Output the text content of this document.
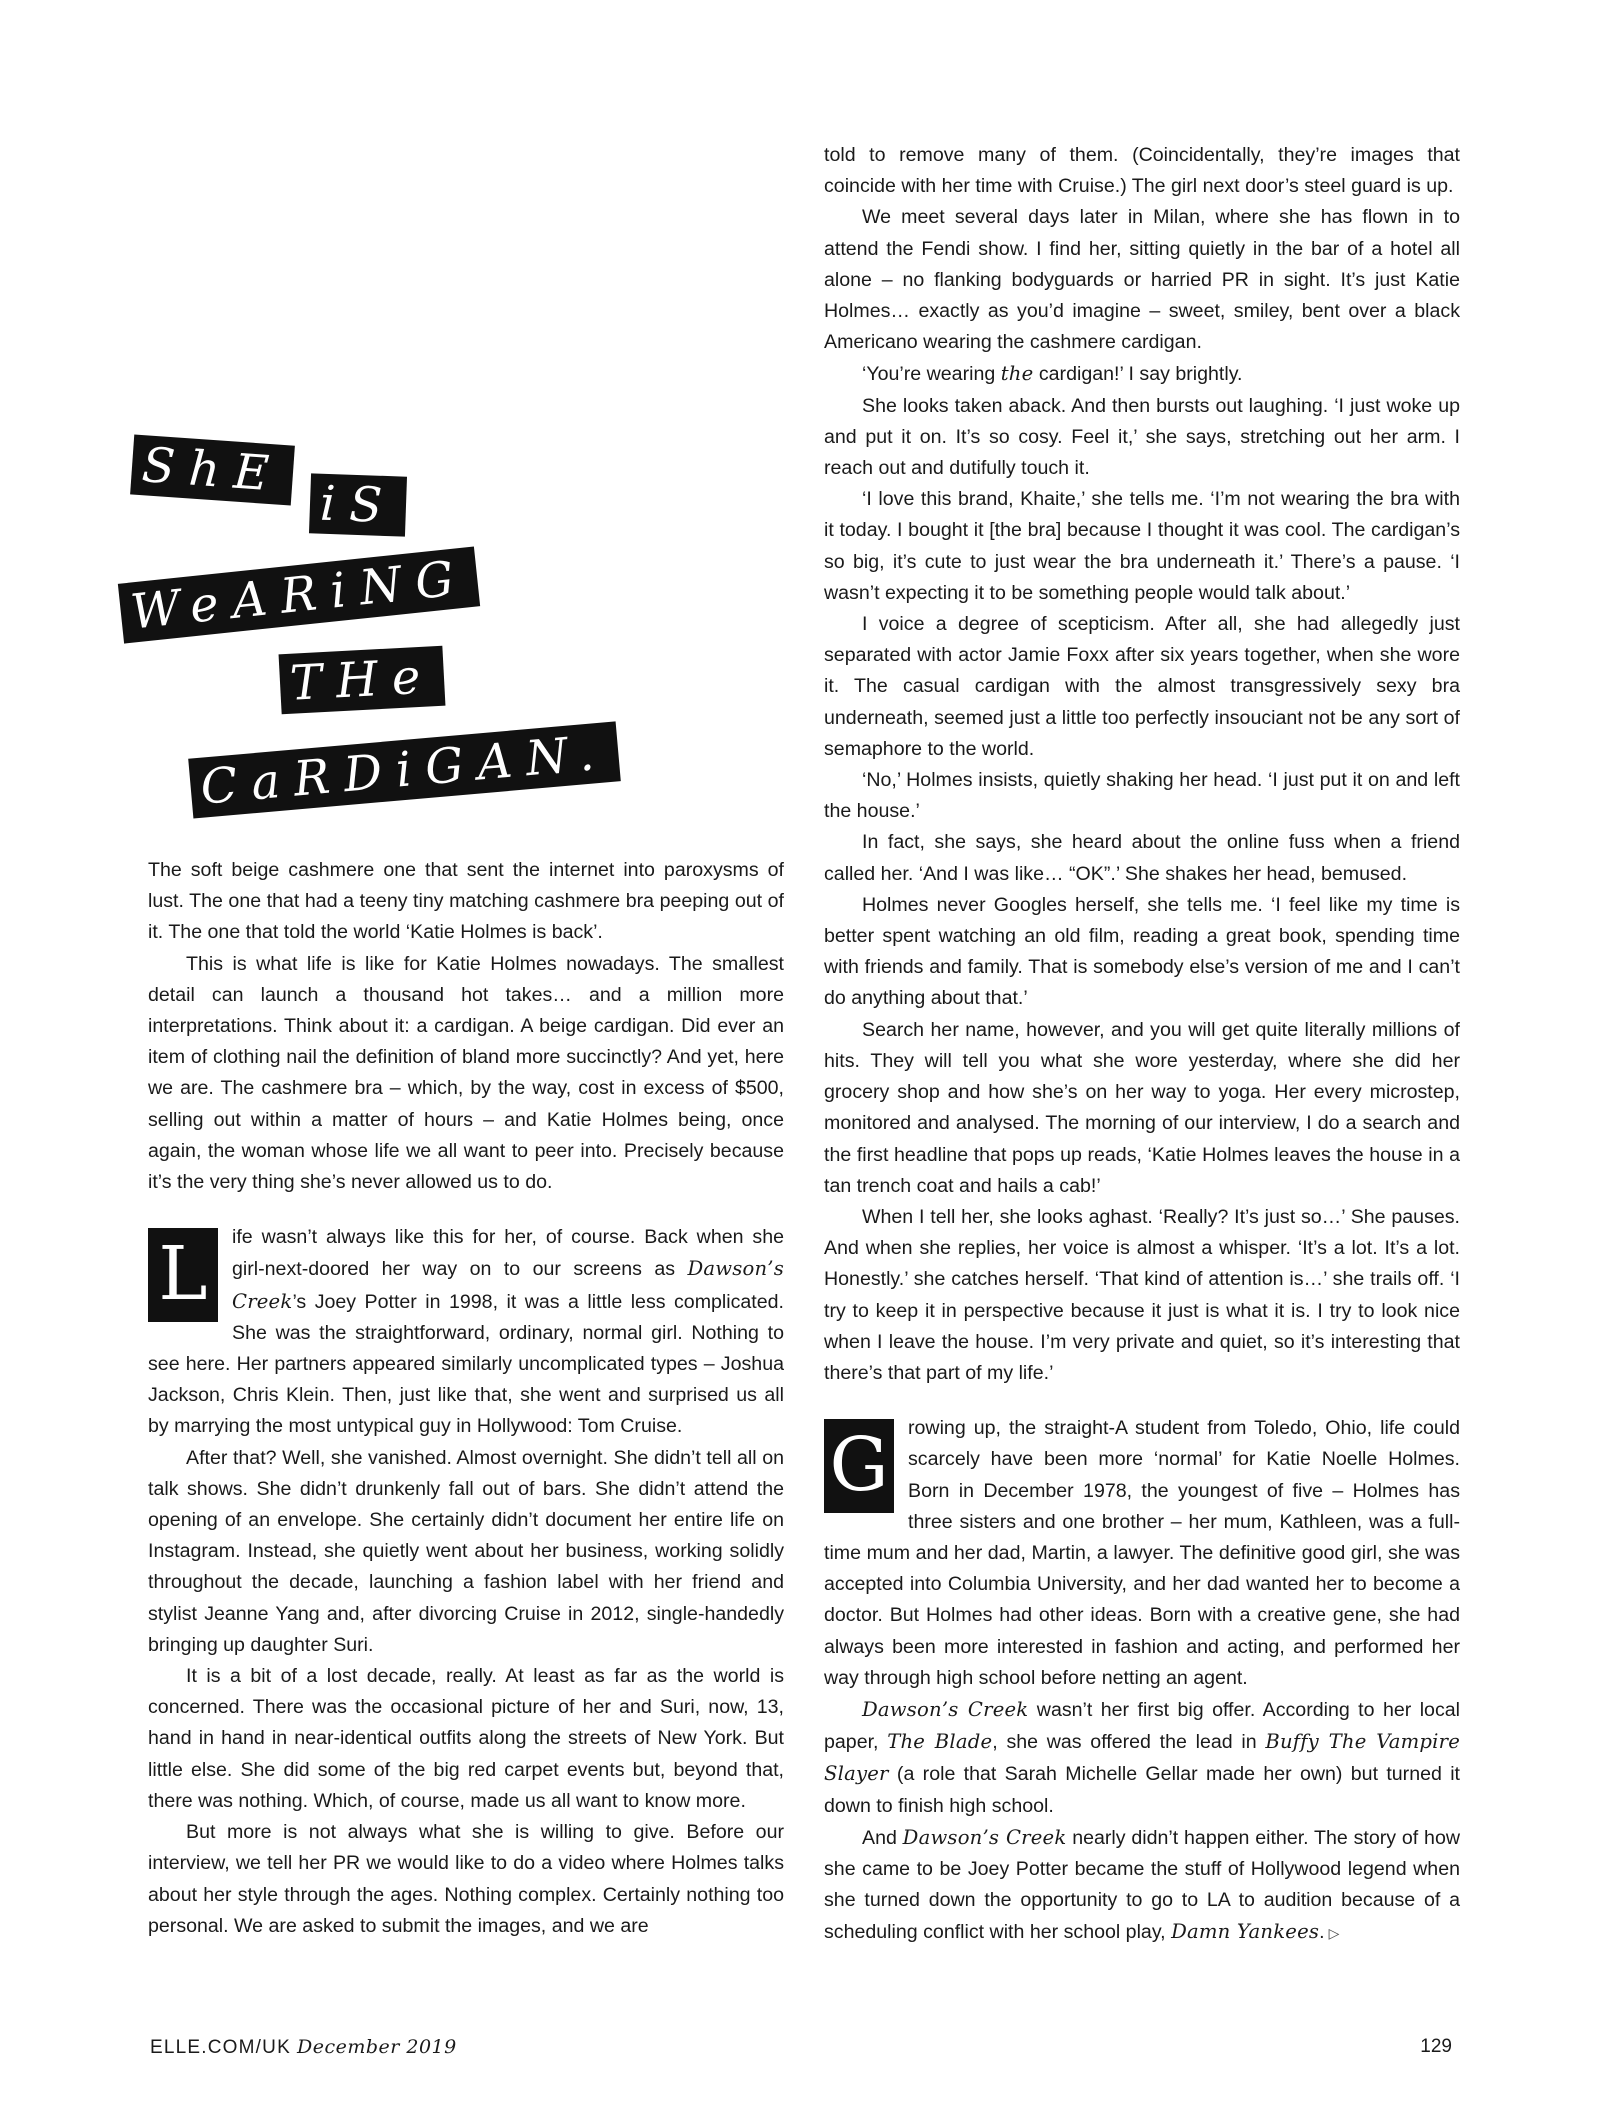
ShE
iS
WeARiNG
THe
CaRDiGAN.

The soft beige cashmere one that sent the internet into paroxysms of lust. The one that had a teeny tiny matching cashmere bra peeping out of it. The one that told the world ‘Katie Holmes is back’.

This is what life is like for Katie Holmes nowadays. The smallest detail can launch a thousand hot takes… and a million more interpretations. Think about it: a cardigan. A beige cardigan. Did ever an item of clothing nail the definition of bland more succinctly? And yet, here we are. The cashmere bra – which, by the way, cost in excess of $500, selling out within a matter of hours – and Katie Holmes being, once again, the woman whose life we all want to peer into. Precisely because it’s the very thing she’s never allowed us to do.

L	ife wasn’t always like this for her, of course. Back when she girl-next-doored her way on to our screens as Dawson’s Creek’s Joey Potter in 1998, it was a little less complicated. She was the straightforward, ordinary, normal girl. Nothing to see here. Her partners appeared similarly uncomplicated types – Joshua Jackson, Chris Klein. Then, just like that, she went and surprised us all by marrying the most untypical guy in Hollywood: Tom Cruise.

After that? Well, she vanished. Almost overnight. She didn’t tell all on talk shows. She didn’t drunkenly fall out of bars. She didn’t attend the opening of an envelope. She certainly didn’t document her entire life on Instagram. Instead, she quietly went about her business, working solidly throughout the decade, launching a fashion label with her friend and stylist Jeanne Yang and, after divorcing Cruise in 2012, single-handedly bringing up daughter Suri.

It is a bit of a lost decade, really. At least as far as the world is concerned. There was the occasional picture of her and Suri, now, 13, hand in hand in near-identical outfits along the streets of New York. But little else. She did some of the big red carpet events but, beyond that, there was nothing. Which, of course, made us all want to know more.

But more is not always what she is willing to give. Before our interview, we tell her PR we would like to do a video where Holmes talks about her style through the ages. Nothing complex. Certainly nothing too personal. We are asked to submit the images, and we are

told to remove many of them. (Coincidentally, they’re images that coincide with her time with Cruise.) The girl next door’s steel guard is up.

We meet several days later in Milan, where she has flown in to attend the Fendi show. I find her, sitting quietly in the bar of a hotel all alone – no flanking bodyguards or harried PR in sight. It’s just Katie Holmes… exactly as you’d imagine – sweet, smiley, bent over a black Americano wearing the cashmere cardigan.

‘You’re wearing the cardigan!’ I say brightly.

She looks taken aback. And then bursts out laughing. ‘I just woke up and put it on. It’s so cosy. Feel it,’ she says, stretching out her arm. I reach out and dutifully touch it.

‘I love this brand, Khaite,’ she tells me. ‘I’m not wearing the bra with it today. I bought it [the bra] because I thought it was cool. The cardigan’s so big, it’s cute to just wear the bra underneath it.’ There’s a pause. ‘I wasn’t expecting it to be something people would talk about.’

I voice a degree of scepticism. After all, she had allegedly just separated with actor Jamie Foxx after six years together, when she wore it. The casual cardigan with the almost transgressively sexy bra underneath, seemed just a little too perfectly insouciant not be any sort of semaphore to the world.

‘No,’ Holmes insists, quietly shaking her head. ‘I just put it on and left the house.’

In fact, she says, she heard about the online fuss when a friend called her. ‘And I was like… “OK”.’ She shakes her head, bemused.

Holmes never Googles herself, she tells me. ‘I feel like my time is better spent watching an old film, reading a great book, spending time with friends and family. That is somebody else’s version of me and I can’t do anything about that.’

Search her name, however, and you will get quite literally millions of hits. They will tell you what she wore yesterday, where she did her grocery shop and how she’s on her way to yoga. Her every microstep, monitored and analysed. The morning of our interview, I do a search and the first headline that pops up reads, ‘Katie Holmes leaves the house in a tan trench coat and hails a cab!’

When I tell her, she looks aghast. ‘Really? It’s just so…’ She pauses. And when she replies, her voice is almost a whisper. ‘It’s a lot. It’s a lot. Honestly.’ she catches herself. ‘That kind of attention is…’ she trails off. ‘I try to keep it in perspective because it just is what it is. I try to look nice when I leave the house. I’m very private and quiet, so it’s interesting that there’s that part of my life.’

G rowing up, the straight-A student from Toledo, Ohio, life could scarcely have been more ‘normal’ for Katie Noelle Holmes. Born in December 1978, the youngest of five – Holmes has three sisters and one brother – her mum, Kathleen, was a full-time mum and her dad, Martin, a lawyer. The definitive good girl, she was accepted into Columbia University, and her dad wanted her to become a doctor. But Holmes had other ideas. Born with a creative gene, she had always been more interested in fashion and acting, and performed her way through high school before netting an agent.

Dawson’s Creek wasn’t her first big offer. According to her local paper, The Blade, she was offered the lead in Buffy The Vampire Slayer (a role that Sarah Michelle Gellar made her own) but turned it down to finish high school.

And Dawson’s Creek nearly didn’t happen either. The story of how she came to be Joey Potter became the stuff of Hollywood legend when she turned down the opportunity to go to LA to audition because of a scheduling conflict with her school play, Damn Yankees. ▷

ELLE.COM/UK December 2019	129
